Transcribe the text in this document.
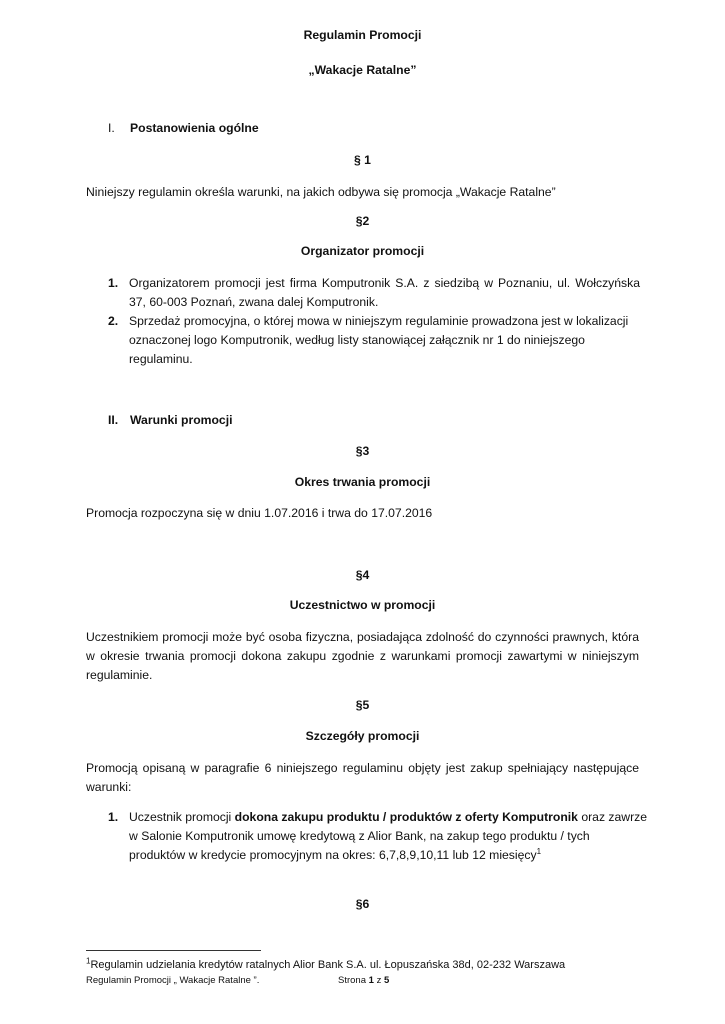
Regulamin Promocji
„Wakacje Ratalne”
I. Postanowienia ogólne
§ 1
Niniejszy regulamin określa warunki, na jakich odbywa się promocja „Wakacje Ratalne”
§2
Organizator promocji
1. Organizatorem promocji jest firma Komputronik S.A. z siedzibą w Poznaniu, ul. Wołczyńska
37, 60-003 Poznań, zwana dalej Komputronik.
2. Sprzedaż promocyjna, o której mowa w niniejszym regulaminie prowadzona jest w lokalizacji
oznaczonej logo Komputronik, według listy stanowiącej załącznik nr 1 do niniejszego
regulaminu.
II. Warunki promocji
§3
Okres trwania promocji
Promocja rozpoczyna się w dniu 1.07.2016 i trwa do 17.07.2016
§4
Uczestnictwo w promocji
Uczestnikiem promocji może być osoba fizyczna, posiadająca zdolność do czynności prawnych, która
w okresie trwania promocji dokona zakupu zgodnie z warunkami promocji zawartymi w niniejszym
regulaminie.
§5
Szczegóły promocji
Promocją opisaną w paragrafie 6 niniejszego regulaminu objęty jest zakup spełniający następujące
warunki:
1. Uczestnik promocji dokona zakupu produktu / produktów z oferty Komputronik oraz zawrze
w Salonie Komputronik umowę kredytową z Alior Bank, na zakup tego produktu / tych
produktów w kredycie promocyjnym na okres: 6,7,8,9,10,11 lub 12 miesięcy$^1$
§6
$^1$Regulamin udzielania kredytów ratalnych Alior Bank S.A. ul. Łopuszańska 38d, 02-232 Warszawa
Regulamin Promocji „ Wakacje Ratalne ”.	Strona 1 z 5
